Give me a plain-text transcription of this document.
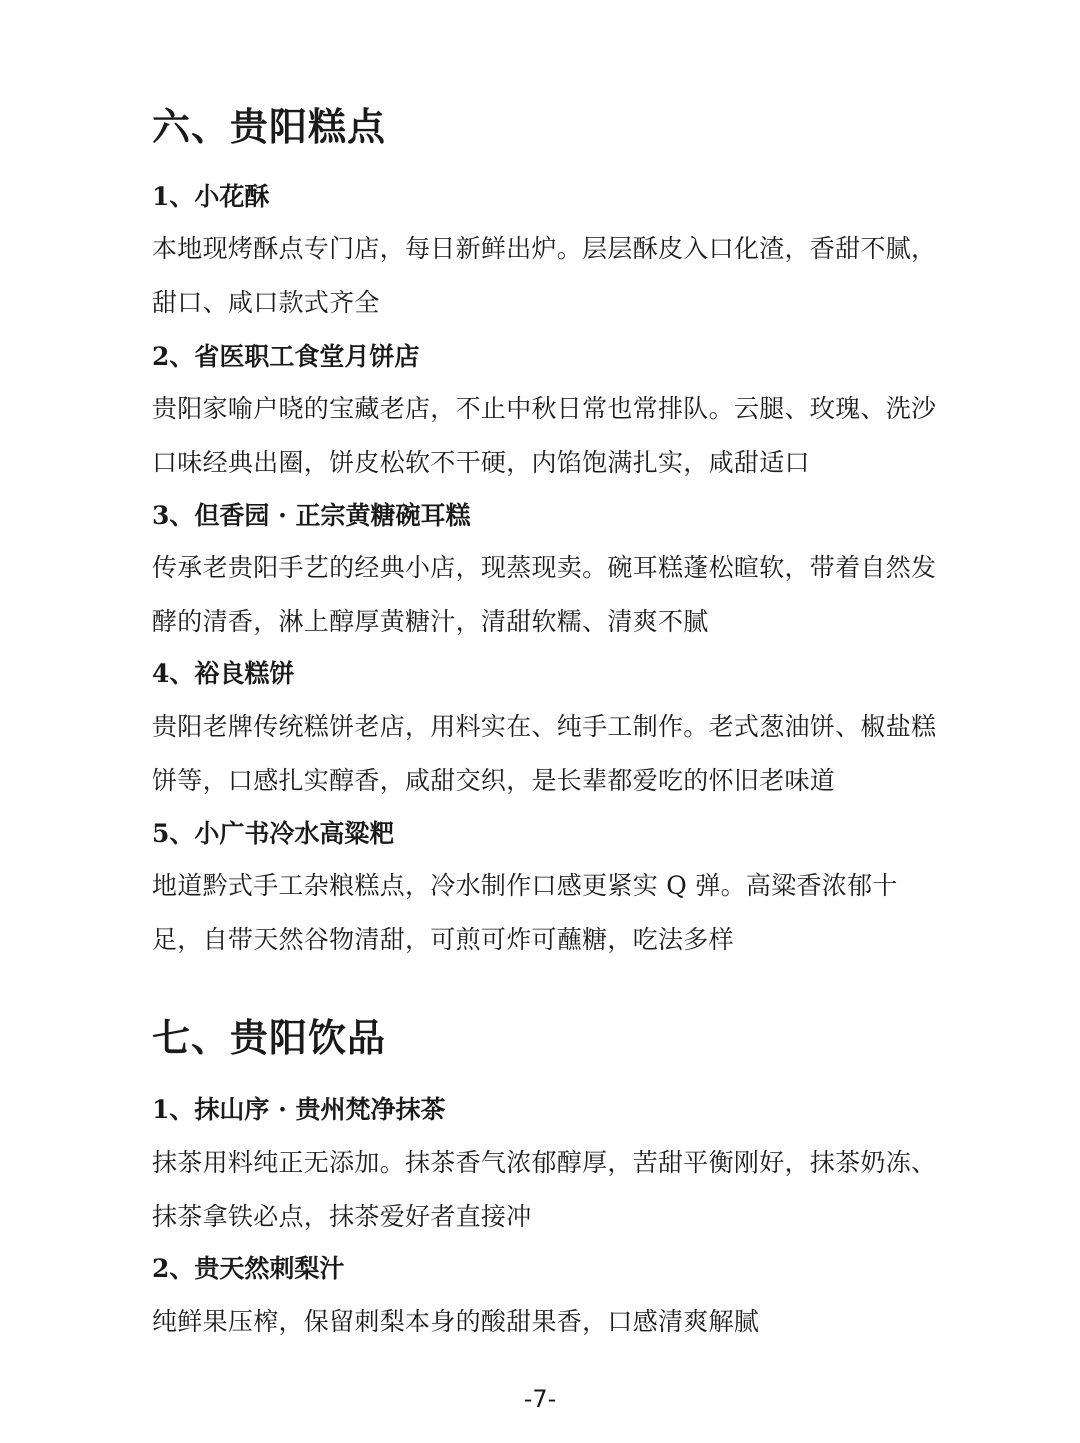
六、贵阳糕点
1、小花酥

本地现烤酥点专门店，每日新鲜出炉。层层酥皮入口化渣，香甜不腻，甜口、咸口款式齐全

2、省医职工食堂月饼店

贵阳家喻户晓的宝藏老店，不止中秋日常也常排队。云腿、玫瑰、洗沙口味经典出圈，饼皮松软不干硬，内馅饱满扎实，咸甜适口

3、但香园 · 正宗黄糖碗耳糕

传承老贵阳手艺的经典小店，现蒸现卖。碗耳糕蓬松暄软，带着自然发酵的清香，淋上醇厚黄糖汁，清甜软糯、清爽不腻

4、裕良糕饼

贵阳老牌传统糕饼老店，用料实在、纯手工制作。老式葱油饼、椒盐糕饼等，口感扎实醇香，咸甜交织，是长辈都爱吃的怀旧老味道

5、小广书冷水高粱粑

地道黔式手工杂粮糕点，冷水制作口感更紧实 Q 弹。高粱香浓郁十足，自带天然谷物清甜，可煎可炸可蘸糖，吃法多样

七、贵阳饮品
1、抹山序 · 贵州梵净抹茶

抹茶用料纯正无添加。抹茶香气浓郁醇厚，苦甜平衡刚好，抹茶奶冻、抹茶拿铁必点，抹茶爱好者直接冲

2、贵天然刺梨汁

纯鲜果压榨，保留刺梨本身的酸甜果香，口感清爽解腻

-7-
